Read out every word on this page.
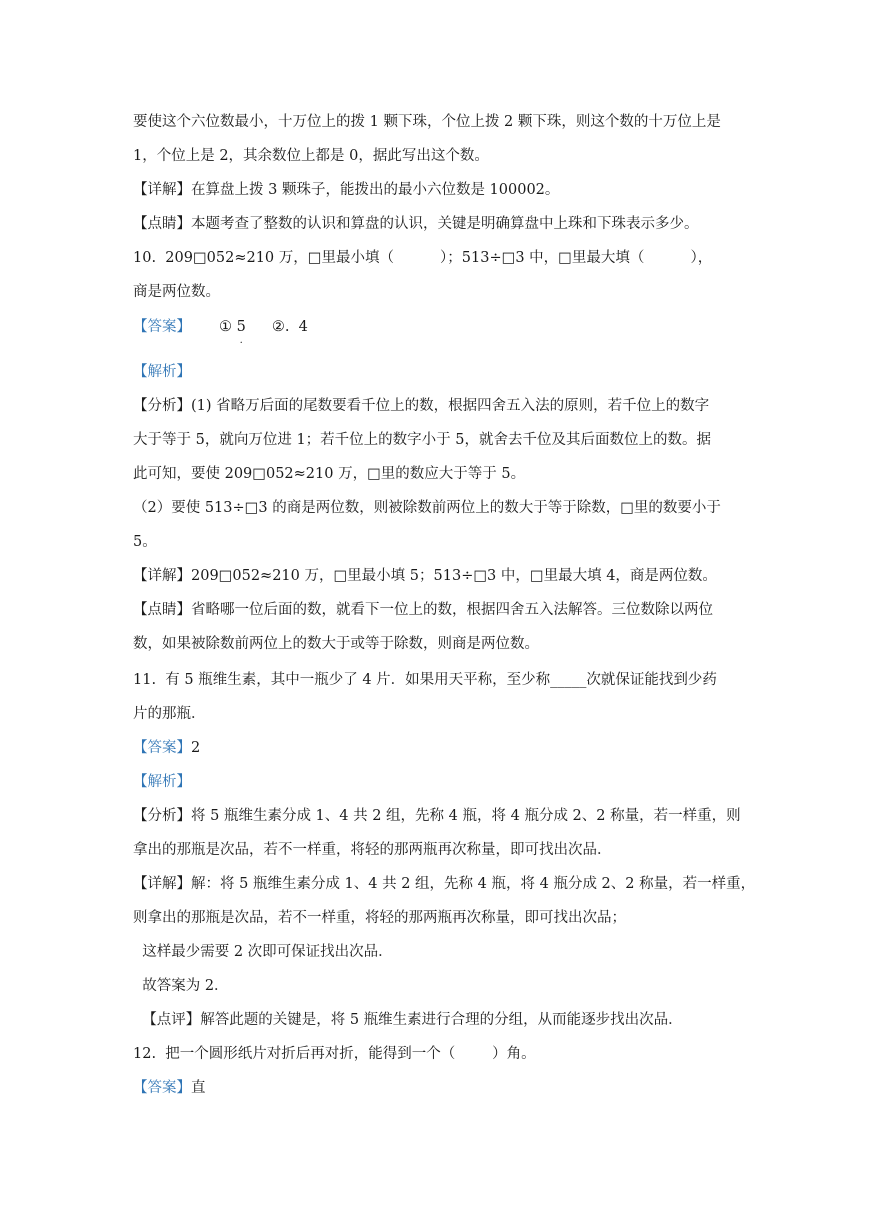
要使这个六位数最小，十万位上的拨 1 颗下珠，个位上拨 2 颗下珠，则这个数的十万位上是
1，个位上是 2，其余数位上都是 0，据此写出这个数。
【详解】在算盘上拨 3 颗珠子，能拨出的最小六位数是 100002。
【点睛】本题考查了整数的认识和算盘的认识，关键是明确算盘中上珠和下珠表示多少。
10.  209□052≈210 万，□里最小填（          ）；513÷□3 中，□里最大填（          ），
商是两位数。
【答案】 ① 5
.
②.  4
【解析】
【分析】(1) 省略万后面的尾数要看千位上的数，根据四舍五入法的原则，若千位上的数字
大于等于 5，就向万位进 1；若千位上的数字小于 5，就舍去千位及其后面数位上的数。据
此可知，要使 209□052≈210 万，□里的数应大于等于 5。
（2）要使 513÷□3 的商是两位数，则被除数前两位上的数大于等于除数，□里的数要小于
5。
【详解】209□052≈210 万，□里最小填 5；513÷□3 中，□里最大填 4，商是两位数。
【点睛】省略哪一位后面的数，就看下一位上的数，根据四舍五入法解答。三位数除以两位
数，如果被除数前两位上的数大于或等于除数，则商是两位数。
11.  有 5 瓶维生素，其中一瓶少了 4 片．如果用天平称，至少称_____次就保证能找到少药
片的那瓶．
【答案】2
【解析】
【分析】将 5 瓶维生素分成 1、4 共 2 组，先称 4 瓶，将 4 瓶分成 2、2 称量，若一样重，则
拿出的那瓶是次品，若不一样重，将轻的那两瓶再次称量，即可找出次品．
【详解】解：将 5 瓶维生素分成 1、4 共 2 组，先称 4 瓶，将 4 瓶分成 2、2 称量，若一样重，
则拿出的那瓶是次品，若不一样重，将轻的那两瓶再次称量，即可找出次品；
这样最少需要 2 次即可保证找出次品．
故答案为 2．
【点评】解答此题的关键是，将 5 瓶维生素进行合理的分组，从而能逐步找出次品．
12.  把一个圆形纸片对折后再对折，能得到一个（        ）角。
【答案】直
